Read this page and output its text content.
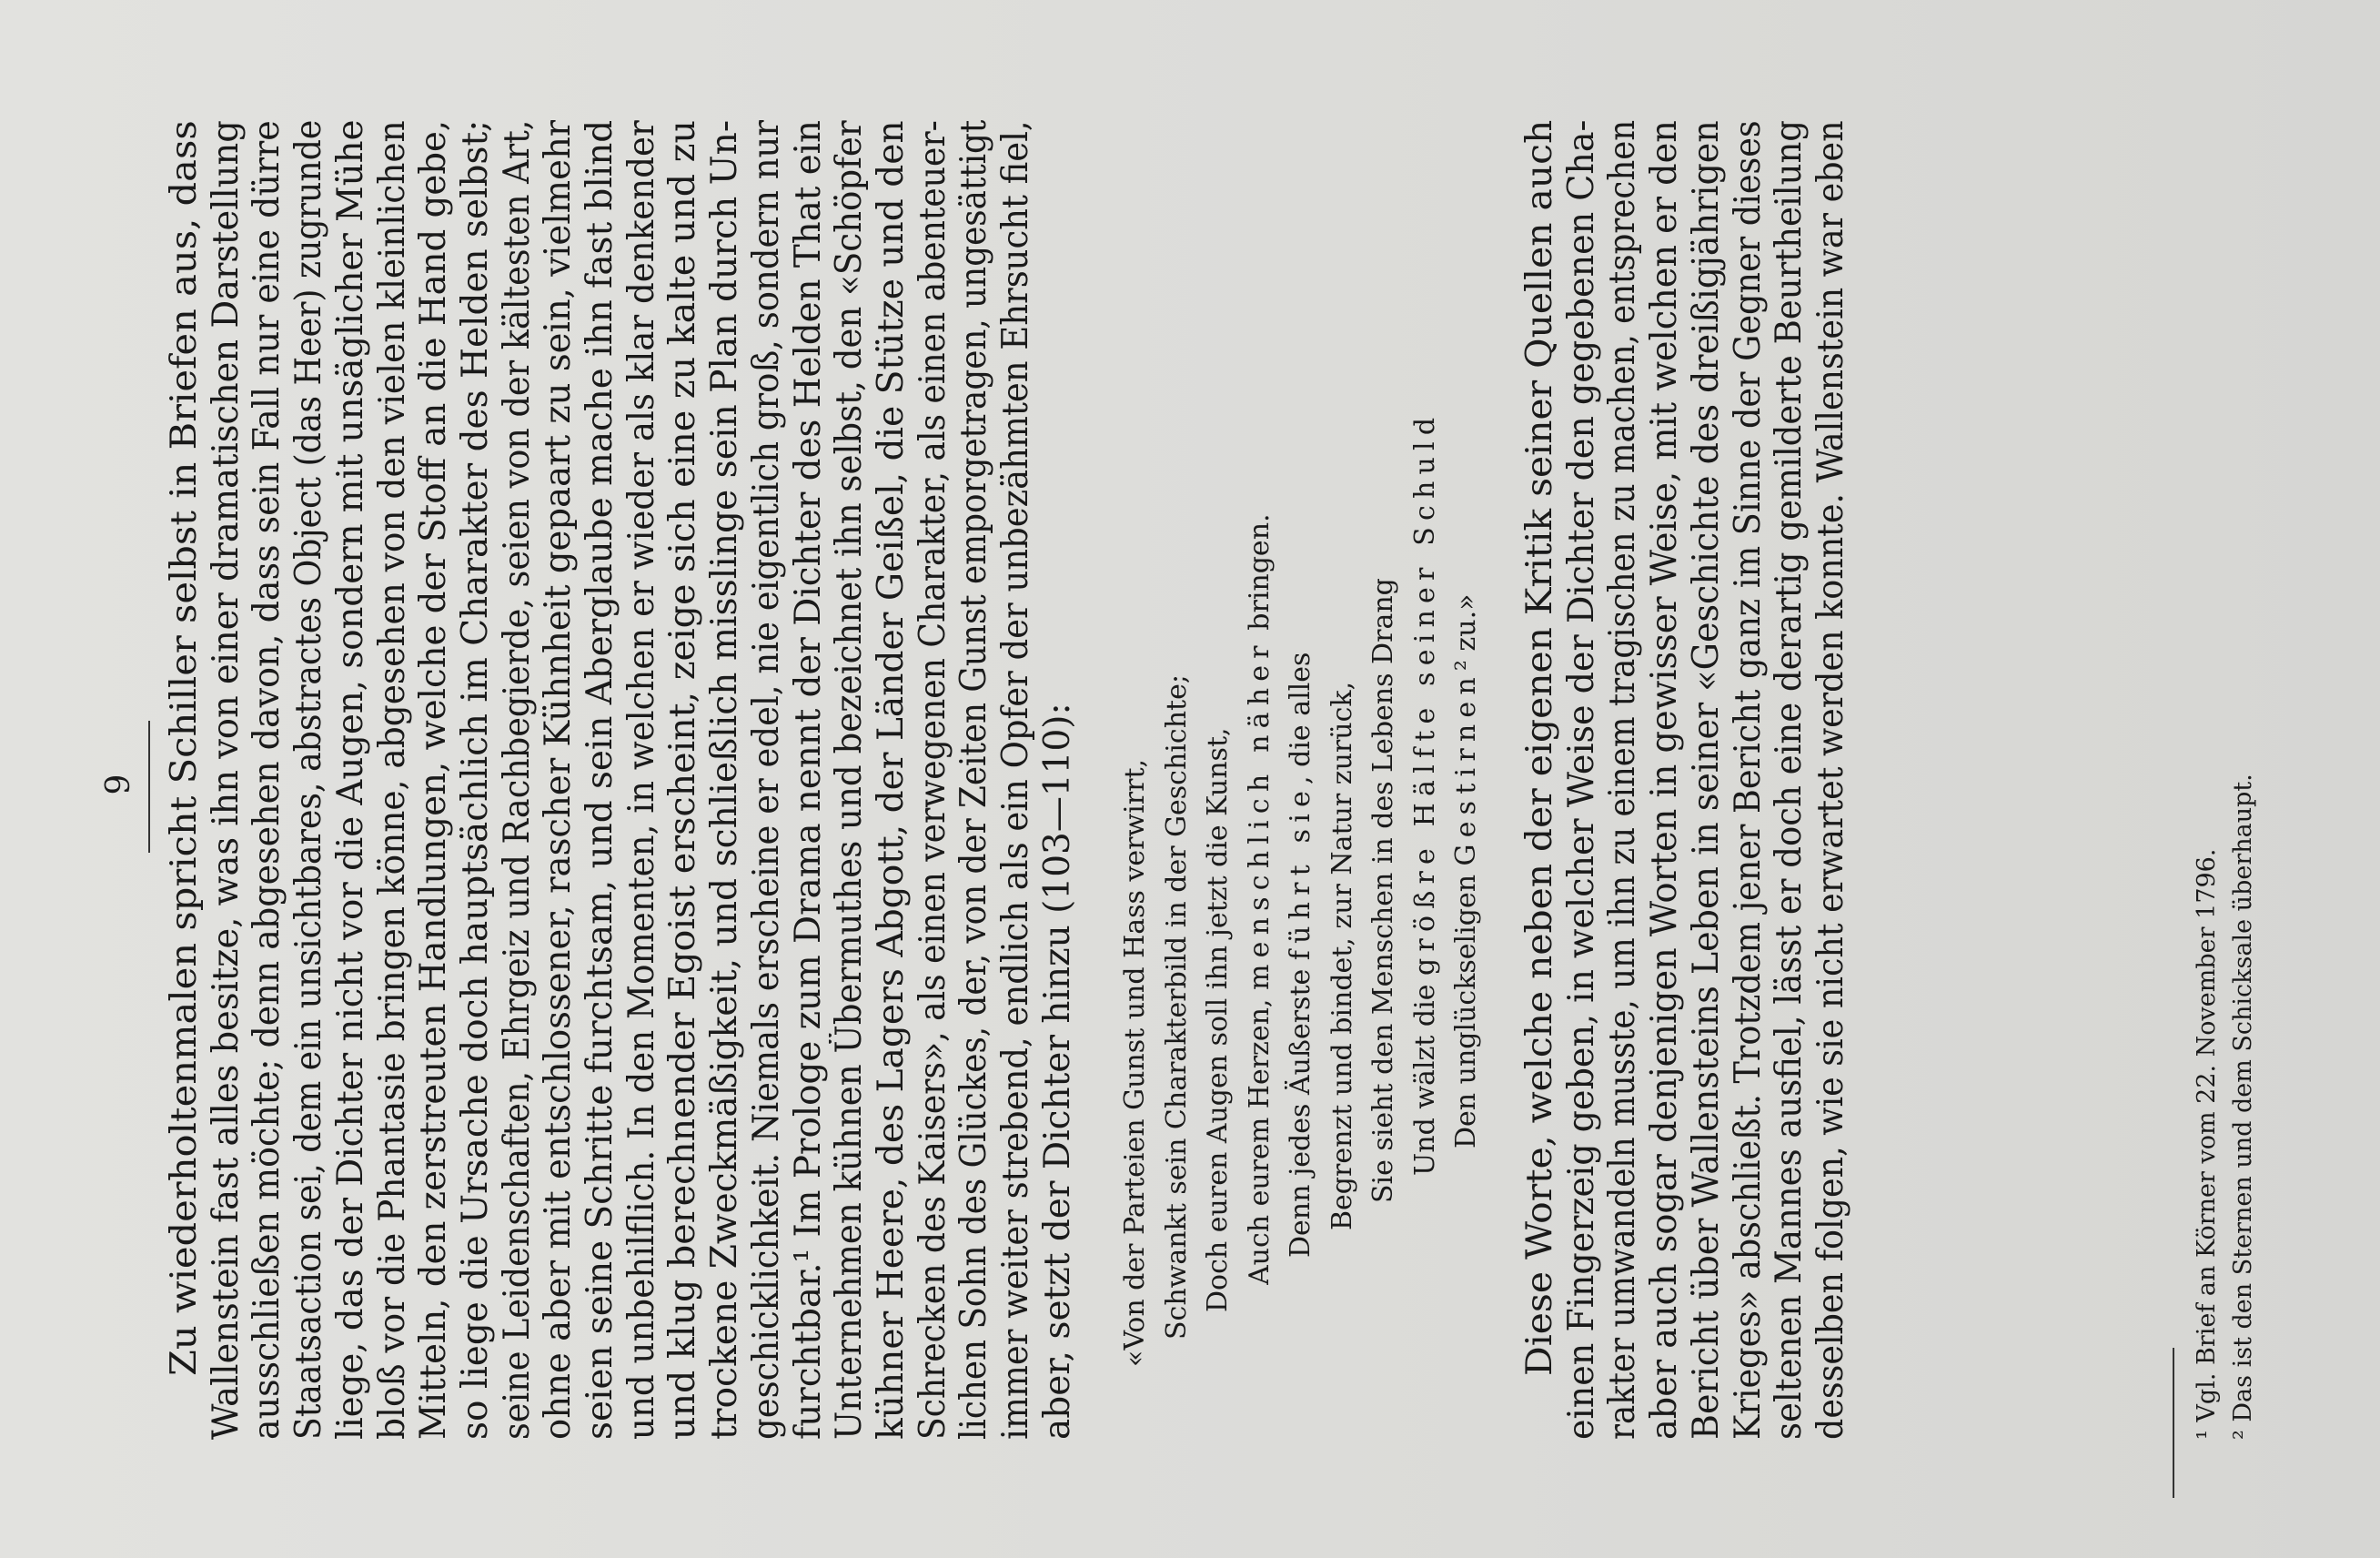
9 Zu wiederholtenmalen spricht Schiller selbst in Briefen aus, dass Wallenstein fast alles besitze, was ihn von einer dramatischen Darstellung ausschließen möchte; denn abgesehen davon, dass sein Fall nur eine dürre Staatsaction sei, dem ein unsichtbares, abstractes Object (das Heer) zugrunde liege, das der Dichter nicht vor die Augen, sondern mit unsäglicher Mühe bloß vor die Phantasie bringen könne, abgesehen von den vielen kleinlichen Mitteln, den zerstreuten Handlungen, welche der Stoff an die Hand gebe, so liege die Ursache doch hauptsächlich im Charakter des Helden selbst; seine Leidenschaften, Ehrgeiz und Rachbegierde, seien von der kältesten Art, ohne aber mit entschlossener, rascher Kühnheit gepaart zu sein, vielmehr seien seine Schritte furchtsam, und sein Aberglaube mache ihn fast blind und unbehilflich. In den Momenten, in welchen er wieder als klar denkender und klug berechnender Egoist erscheint, zeige sich eine zu kalte und zu trockene Zweckmäßigkeit, und schließlich misslinge sein Plan durch Un- geschicklichkeit. Niemals erscheine er edel, nie eigentlich groß, sondern nur furchtbar.¹ Im Prologe zum Drama nennt der Dichter des Helden That ein Unternehmen kühnen Übermuthes und bezeichnet ihn selbst, den «Schöpfer kühner Heere, des Lagers Abgott, der Länder Geißel, die Stütze und den Schrecken des Kaisers», als einen verwegenen Charakter, als einen abenteuer- lichen Sohn des Glückes, der, von der Zeiten Gunst emporgetragen, ungesättigt immer weiter strebend, endlich als ein Opfer der unbezähmten Ehrsucht fiel, aber, setzt der Dichter hinzu (103—110): «Von der Parteien Gunst und Hass verwirrt, Schwankt sein Charakterbild in der Geschichte; Doch euren Augen soll ihn jetzt die Kunst, Auch eurem Herzen, menschlich näher bringen.
Denn jedes Äußerste führt sie, die alles Begrenzt und bindet, zur Natur zurück, Sie sieht den Menschen in des Lebens Drang Und wälzt die größre Hälfte seiner Schuld
Den unglückseligen Gestirnen² zu.» Diese Worte, welche neben der eigenen Kritik seiner Quellen auch einen Fingerzeig geben, in welcher Weise der Dichter den gegebenen Cha- rakter umwandeln musste, um ihn zu einem tragischen zu machen, entsprechen aber auch sogar denjenigen Worten in gewisser Weise, mit welchen er den Bericht über Wallensteins Leben in seiner «Geschichte des dreißigjährigen Krieges» abschließt. Trotzdem jener Bericht ganz im Sinne der Gegner dieses seltenen Mannes ausfiel, lässt er doch eine derartig gemilderte Beurtheilung desselben folgen, wie sie nicht erwartet werden konnte. Wallenstein war eben	¹ Vgl. Brief an Körner vom 22. November 1796. ² Das ist den Sternen und dem Schicksale überhaupt.
